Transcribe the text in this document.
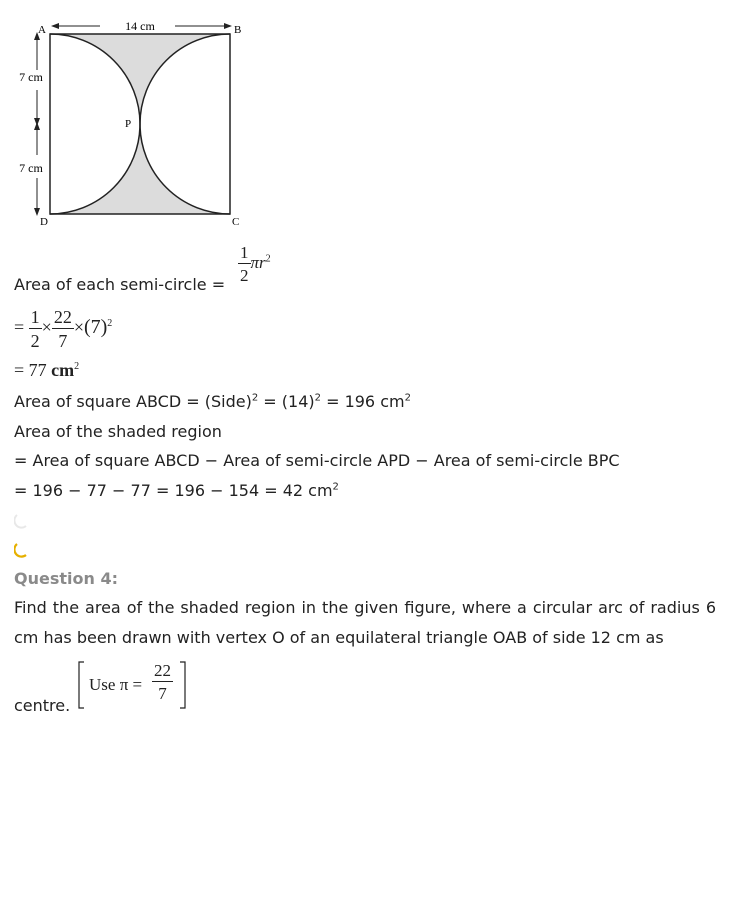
14 cm
7 cm
7 cm
A	B
C
D
P
Area of each semi-circle =
$\frac{1}{2} \pi r^2$
= $\frac{1}{2} \times \frac{22}{7} \times(7)^2$
= 77 $cm^2$
Area of square ABCD = (Side)$^2$ = $(14)^2 = 196$ $cm^2$
Area of the shaded region
= Area of square ABCD − Area of semi-circle APD − Area of semi-circle BPC
= 196 − 77 − 77 = 196 − 154 = 42 $cm^2$
Question 4:
Find the area of the shaded region in the given figure, where a circular arc of radius 6 cm has been drawn with vertex O of an equilateral triangle OAB of side 12 cm as
centre.
Use $\pi = \frac{22}{7}$
